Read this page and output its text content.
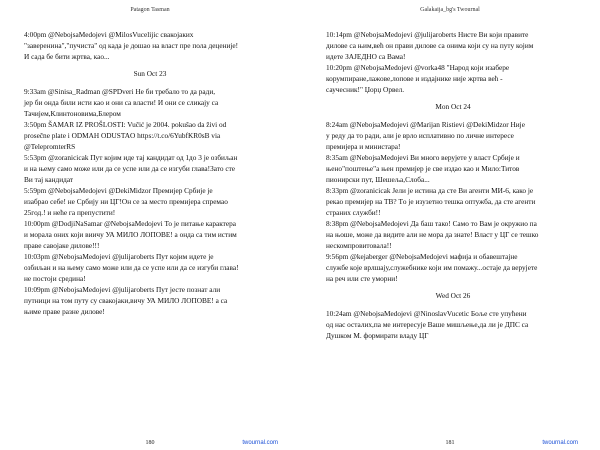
Patagon Tasman
4:00pm @NebojsaMedojevi @MilosVucelijic свакојаких
"заверенина","пучиста" од када је дошао на власт пре пола деценије!
И сада бе бити жртва, као...
Sun Oct 23
9:33am @Sinisa_Radman @SPDveri Не би требало то да ради,
јер би онда били исти као и они са власти! И они се сликају са
Тачијем,Клинтоновима,Блером
3:50pm ŠAMAR IZ PROŠLOSTI: Vučić je 2004. pokušao da živi od
prosečne plate i ODMAH ODUSTAO https://t.co/6YubfKR0sB via
@TelepromterRS
5:53pm @zoranicicak Пут којим иде тај кандидат од 1до 3 је озбиљан
и на њему само може или да се успе или да се изгуби глава!Зато сте
Ви тај кандидат
5:59pm @NebojsaMedojevi @DekiMidzor Премијер Србије је
изабрао себе! не Србију ни ЦГ!Он се за место премијера спремао
25год.! и неће га препустити!
10:00pm @DodjiNaSamar @NebojsaMedojevi То је питање карактера
и морала оних који виичу УА МИЛО ЛОПОВЕ! а онда са тим истим
праве савојаке дилове!!!
10:03pm @NebojsaMedojevi @julijaroberts Пут којим идете је
озбиљан и на њему само може или да се успе или да се изгуби глава!
не постоји средина!
10:09pm @NebojsaMedojevi @julijaroberts Пут јесте познат али
путници на том путу су свакојаки,вичу УА МИЛО ЛОПОВЕ! а са
њиме праве разне дилове!
180	twournal.com
Galakaija_bg's Twournal
10:14pm @NebojsaMedojevi @julijaroberts Нисте Ви који правите
дилове са њим,већ он прави дилове са онима који су на путу којим
идете ЗАЈЕДНО са Вама!
10:20pm @NebojsaMedojevi @vorka48 "Народ који изабере
корумпиране,лажове,лопове и издајнике није жртва већ -
саучесник!" Џорџ Орвел.
Mon Oct 24
8:24am @NebojsaMedojevi @Marijan Ristievi @DekiMidzor Није
у реду да то ради, али је врло исплативно по личне интересе
премијера и министара!
8:35am @NebojsaMedojevi Ви много верујете у власт Србије и
њено"поштење"а њен премијер је све издао као и Мило:Титов
пионирски пут, Шешеља,Слоба...
8:33pm @zoranicicak Јели је истина да сте Ви агенти МИ-6, како је
рекао премијер на ТВ? Тo је изузетно тешка оптужба, да сте агенти
страних служби!!
8:38pm @NebojsaMedojevi Да баш тако! Само то Вам је окружио па
на њоше, може да видите али не мора да знате! Власт у ЦГ се тешко
нескомпровитовала!!
9:56pm @kejaberger @NebojsaMedojevi мафија и обавештајне
службе које врлшају,служебнике који им помажу...остаје да верујете
на реч или сте уморни!
Wed Oct 26
10:24am @NebojsaMedojevi @NinoslavVucetic Боље сте упућени
од нас осталих,па ме интересује Ваше мишљење,да ли је ДПС са
Душком М. формирати владу ЦГ
181	twournal.com
